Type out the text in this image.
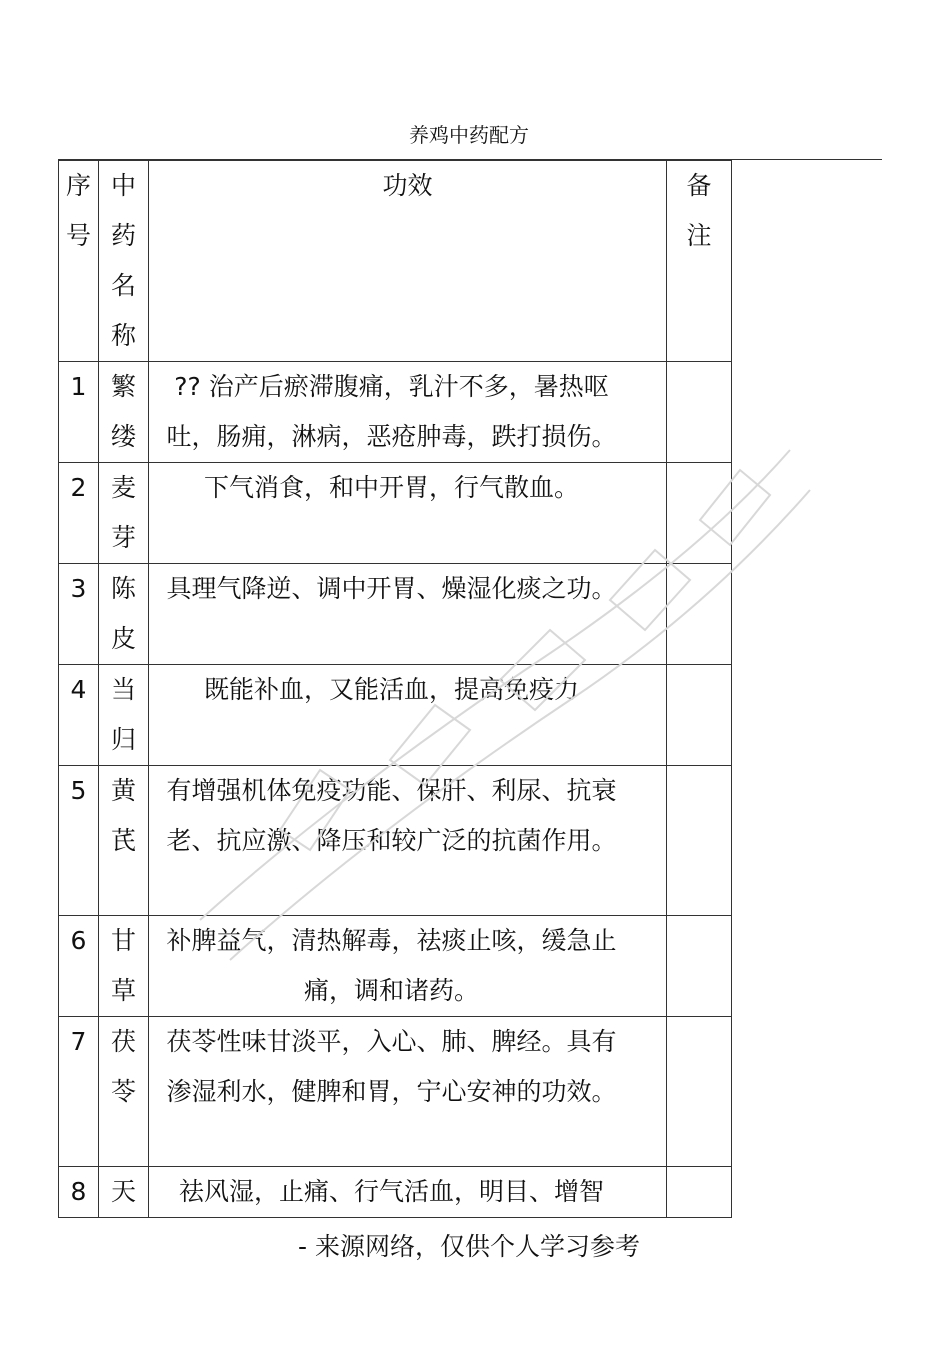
养鸡中药配方
序号	中药名称	功效	备注

1	繁缕	?? 治产后瘀滞腹痛，乳汁不多，暑热呕吐，肠痈，淋病，恶疮肿毒，跌打损伤。	

2	麦芽	下气消食，和中开胃，行气散血。	

3	陈皮	具理气降逆、调中开胃、燥湿化痰之功。	

4	当归	既能补血，又能活血，提高免疫力	

5	黄芪	有增强机体免疫功能、保肝、利尿、抗衰老、抗应激、降压和较广泛的抗菌作用。	

6	甘草	补脾益气，清热解毒，祛痰止咳，缓急止痛，调和诸药。	

7	茯苓	茯苓性味甘淡平，入心、肺、脾经。具有渗湿利水，健脾和胃，宁心安神的功效。	

8	天	祛风湿，止痛、行气活血，明目、增智	

- 来源网络，仅供个人学习参考
